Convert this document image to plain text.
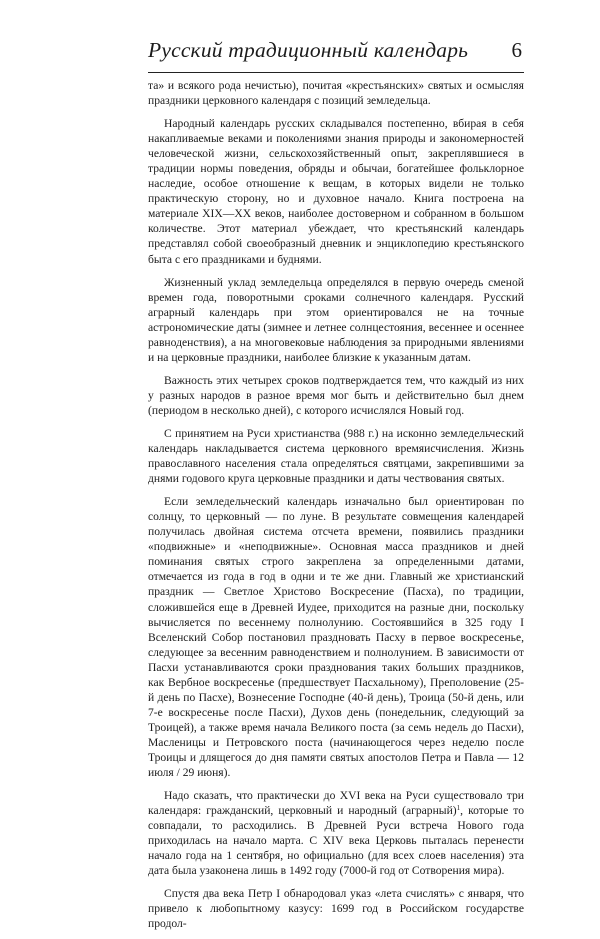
Русский традиционный календарь 6

та» и всякого рода нечистью), почитая «крестьянских» святых и осмысляя праздники церковного календаря с позиций земледельца.

Народный календарь русских складывался постепенно, вбирая в себя накапливаемые веками и поколениями знания природы и закономерностей человеческой жизни, сельскохозяйственный опыт, закреплявшиеся в традиции нормы поведения, обряды и обычаи, богатейшее фольклорное наследие, особое отношение к вещам, в которых видели не только практическую сторону, но и духовное начало. Книга построена на материале XIX—XX веков, наиболее достоверном и собранном в большом количестве. Этот материал убеждает, что крестьянский календарь представлял собой своеобразный дневник и энциклопедию крестьянского быта с его праздниками и буднями.

Жизненный уклад земледельца определялся в первую очередь сменой времен года, поворотными сроками солнечного календаря. Русский аграрный календарь при этом ориентировался не на точные астрономические даты (зимнее и летнее солнцестояния, весеннее и осеннее равноденствия), а на многовековые наблюдения за природными явлениями и на церковные праздники, наиболее близкие к указанным датам.

Важность этих четырех сроков подтверждается тем, что каждый из них у разных народов в разное время мог быть и действительно был днем (периодом в несколько дней), с которого исчислялся Новый год.

С принятием на Руси христианства (988 г.) на исконно земледельческий календарь накладывается система церковного времяисчисления. Жизнь православного населения стала определяться святцами, закрепившими за днями годового круга церковные праздники и даты чествования святых.

Если земледельческий календарь изначально был ориентирован по солнцу, то церковный — по луне. В результате совмещения календарей получилась двойная система отсчета времени, появились праздники «подвижные» и «неподвижные». Основная масса праздников и дней поминания святых строго закреплена за определенными датами, отмечается из года в год в одни и те же дни. Главный же христианский праздник — Светлое Христово Воскресение (Пасха), по традиции, сложившейся еще в Древней Иудее, приходится на разные дни, поскольку вычисляется по весеннему полнолунию. Состоявшийся в 325 году I Вселенский Собор постановил праздновать Пасху в первое воскресенье, следующее за весенним равноденствием и полнолунием. В зависимости от Пасхи устанавливаются сроки празднования таких больших праздников, как Вербное воскресенье (предшествует Пасхальному), Преполовение (25-й день по Пасхе), Вознесение Господне (40-й день), Троица (50-й день, или 7-е воскресенье после Пасхи), Духов день (понедельник, следующий за Троицей), а также время начала Великого поста (за семь недель до Пасхи), Масленицы и Петровского поста (начинающегося через неделю после Троицы и длящегося до дня памяти святых апостолов Петра и Павла — 12 июля / 29 июня).

Надо сказать, что практически до XVI века на Руси существовало три календаря: гражданский, церковный и народный (аграрный)$^1$, которые то совпадали, то расходились. В Древней Руси встреча Нового года приходилась на начало марта. С XIV века Церковь пыталась перенести начало года на 1 сентября, но официально (для всех слоев населения) эта дата была узаконена лишь в 1492 году (7000-й год от Сотворения мира).

Спустя два века Петр I обнародовал указ «лета счислять» с января, что привело к любопытному казусу: 1699 год в Российском государстве продол-
